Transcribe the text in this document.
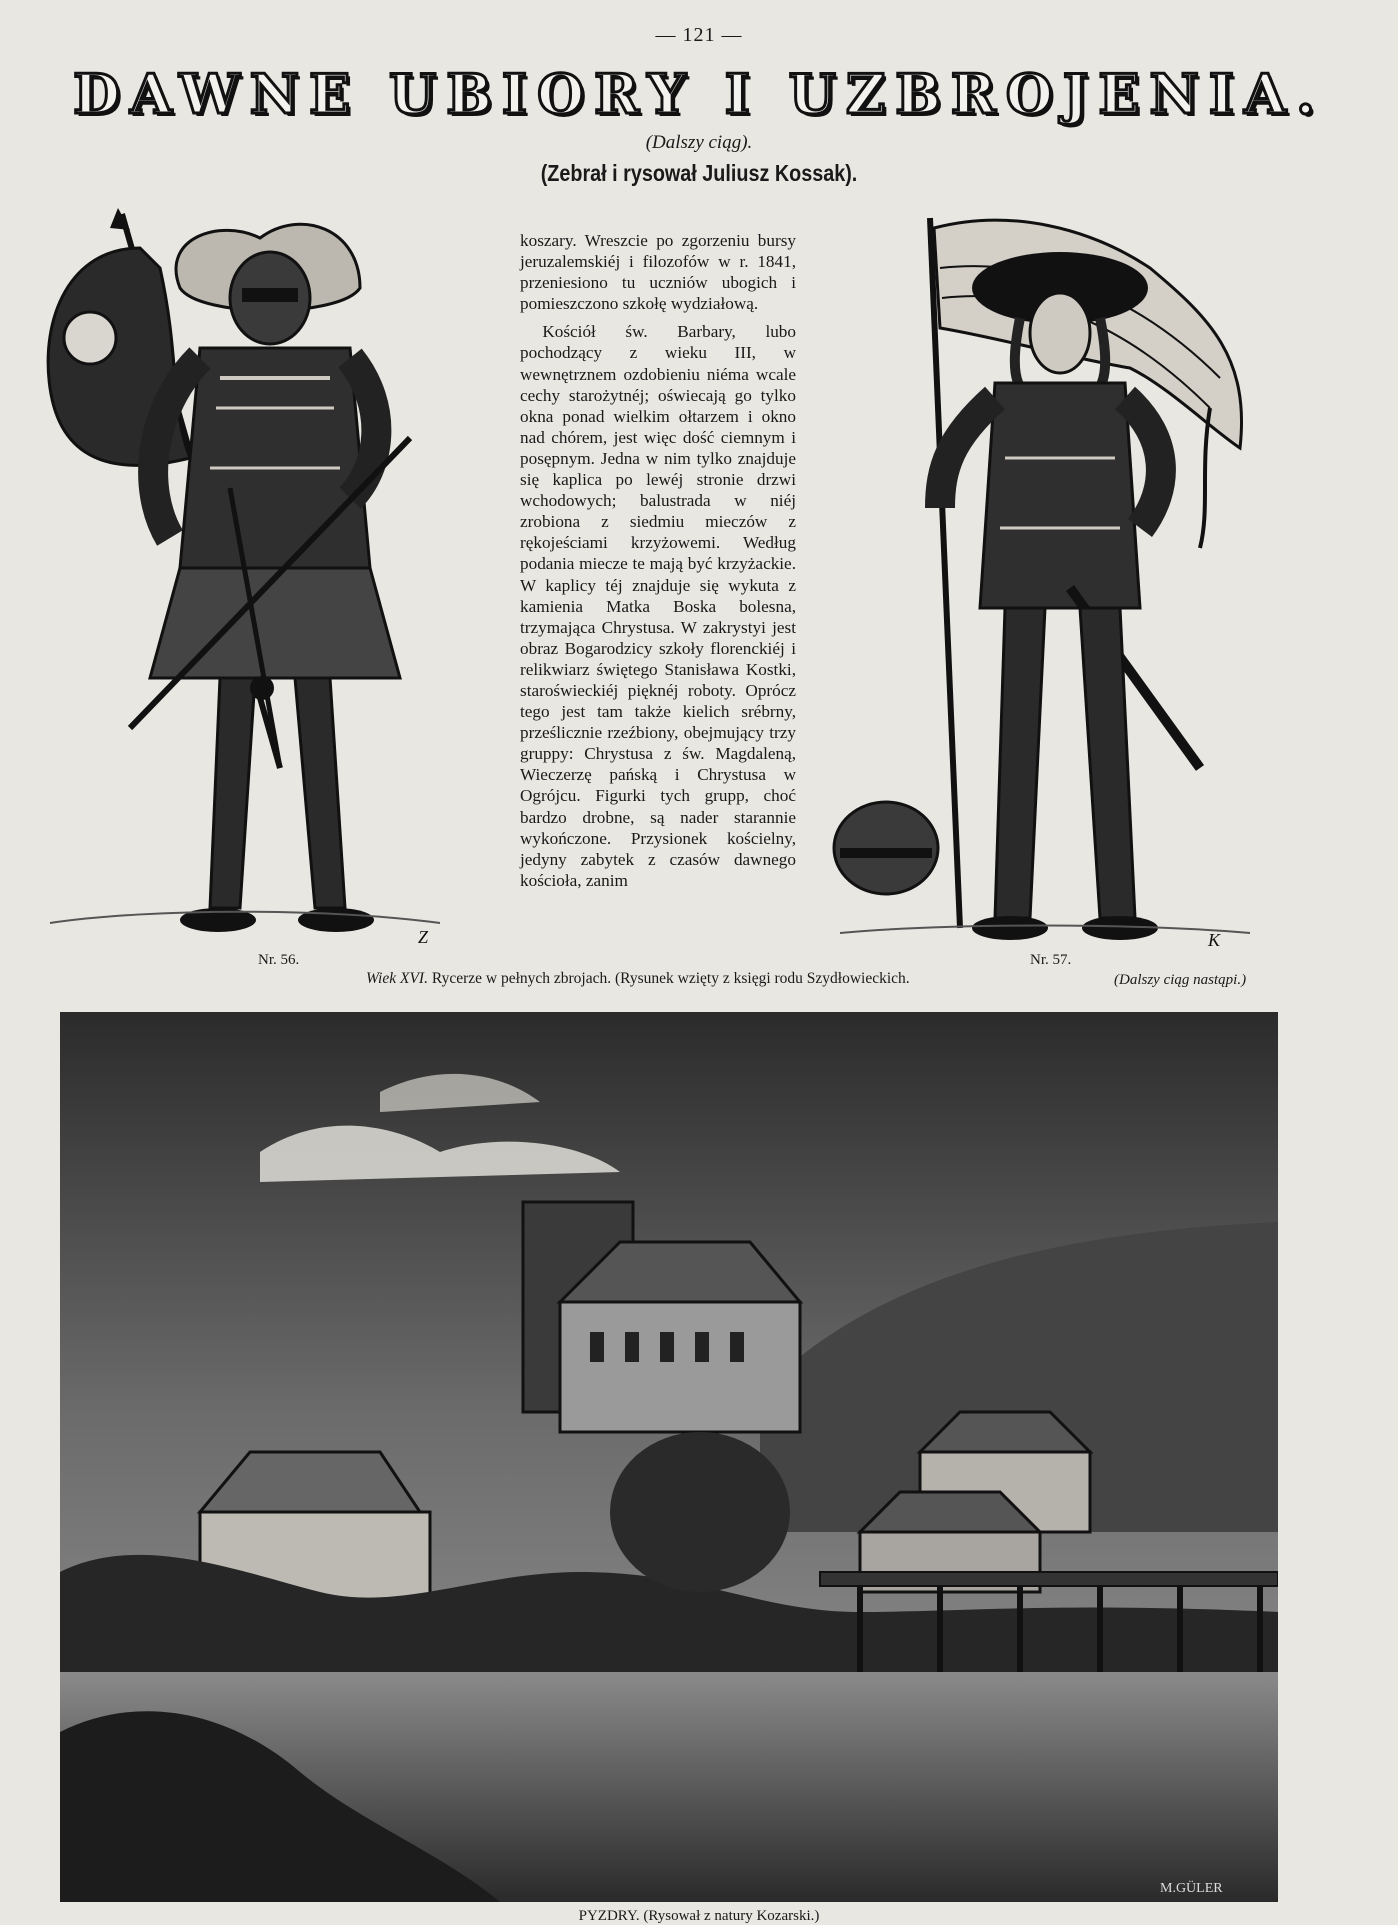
— 121 —
DAWNE UBIORY I UZBROJENIA.
(Dalszy ciąg).
(Zebrał i rysował Juliusz Kossak).
Z

koszary. Wreszcie po zgorzeniu bursy jeruzalemskiéj i filozofów w r. 1841, przeniesiono tu uczniów ubogich i pomieszczono szkołę wydziałową.

Kościół św. Barbary, lubo pochodzący z wieku III, w wewnętrznem ozdobieniu niéma wcale cechy starożytnéj; oświecają go tylko okna ponad wielkim ołtarzem i okno nad chórem, jest więc dość ciemnym i posępnym. Jedna w nim tylko znajduje się kaplica po lewéj stronie drzwi wchodowych; balustrada w niéj zrobiona z siedmiu mieczów z rękojeściami krzyżowemi. Według podania miecze te mają być krzyżackie. W kaplicy téj znajduje się wykuta z kamienia Matka Boska bolesna, trzymająca Chrystusa. W zakrystyi jest obraz Bogarodzicy szkoły florenckiéj i relikwiarz świętego Stanisława Kostki, staroświeckiéj pięknéj roboty. Oprócz tego jest tam także kielich srébrny, prześlicznie rzeźbiony, obejmujący trzy gruppy: Chrystusa z św. Magdaleną, Wieczerzę pańską i Chrystusa w Ogrójcu. Figurki tych grupp, choć bardzo drobne, są nader starannie wykończone. Przysionek kościelny, jedyny zabytek z czasów dawnego kościoła, zanim

K
Nr. 56.	Nr. 57.
Wiek XVI. Rycerze w pełnych zbrojach. (Rysunek wzięty z księgi rodu Szydłowieckich.	(Dalszy ciąg nastąpi.)
M.GÜLER
PYZDRY. (Rysował z natury Kozarski.)
